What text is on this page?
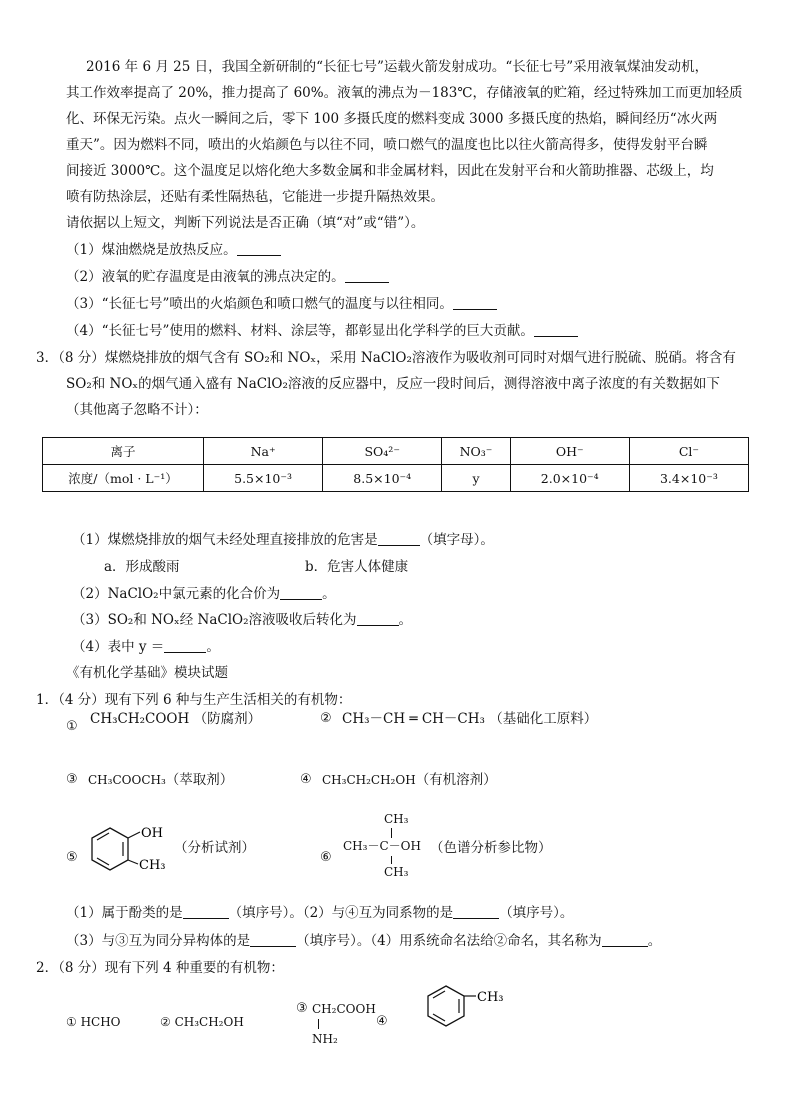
2016 年 6 月 25 日，我国全新研制的“长征七号”运载火箭发射成功。“长征七号”采用液氧煤油发动机，
其工作效率提高了 20%，推力提高了 60%。液氧的沸点为－183℃，存储液氧的贮箱，经过特殊加工而更加轻质
化、环保无污染。点火一瞬间之后，零下 100 多摄氏度的燃料变成 3000 多摄氏度的热焰，瞬间经历“冰火两
重天”。因为燃料不同，喷出的火焰颜色与以往不同，喷口燃气的温度也比以往火箭高得多，使得发射平台瞬
间接近 3000℃。这个温度足以熔化绝大多数金属和非金属材料，因此在发射平台和火箭助推器、芯级上，均
喷有防热涂层，还贴有柔性隔热毡，它能进一步提升隔热效果。
请依据以上短文，判断下列说法是否正确（填“对”或“错”）。
（1）煤油燃烧是放热反应。
（2）液氧的贮存温度是由液氧的沸点决定的。
（3）“长征七号”喷出的火焰颜色和喷口燃气的温度与以往相同。
（4）“长征七号”使用的燃料、材料、涂层等，都彰显出化学科学的巨大贡献。
3．（8 分）煤燃烧排放的烟气含有 SO₂和 NOₓ，采用 NaClO₂溶液作为吸收剂可同时对烟气进行脱硫、脱硝。将含有
SO₂和 NOₓ的烟气通入盛有 NaClO₂溶液的反应器中，反应一段时间后，测得溶液中离子浓度的有关数据如下
（其他离子忽略不计）：
离子	Na⁺	SO₄²⁻	NO₃⁻	OH⁻	Cl⁻
浓度/（mol · L⁻¹）	5.5×10⁻³	8.5×10⁻⁴	y	2.0×10⁻⁴	3.4×10⁻³
（1）煤燃烧排放的烟气未经处理直接排放的危害是	（填字母）。
a．形成酸雨	b．危害人体健康
（2）NaClO₂中氯元素的化合价为	。
（3）SO₂和 NOₓ经 NaClO₂溶液吸收后转化为	。
（4）表中 y ＝	。
《有机化学基础》模块试题
1．（4 分）现有下列 6 种与生产生活相关的有机物：
① CH₃CH₂COOH （防腐剂）	② CH₃－CH ═ CH－CH₃ （基础化工原料）
③ CH₃COOCH₃（萃取剂）	④ CH₃CH₂CH₂OH（有机溶剂）
⑤
OH
CH₃
（分析试剂）
⑥
CH₃
CH₃－C－OH
CH₃
（色谱分析参比物）
（1）属于酚类的是	（填序号）。（2）与④互为同系物的是	（填序号）。
（3）与③互为同分异构体的是	（填序号）。（4）用系统命名法给②命名，其名称为	。
2．（8 分）现有下列 4 种重要的有机物：
① HCHO	② CH₃CH₂OH
③ CH₂COOH
NH₂
④
CH₃
